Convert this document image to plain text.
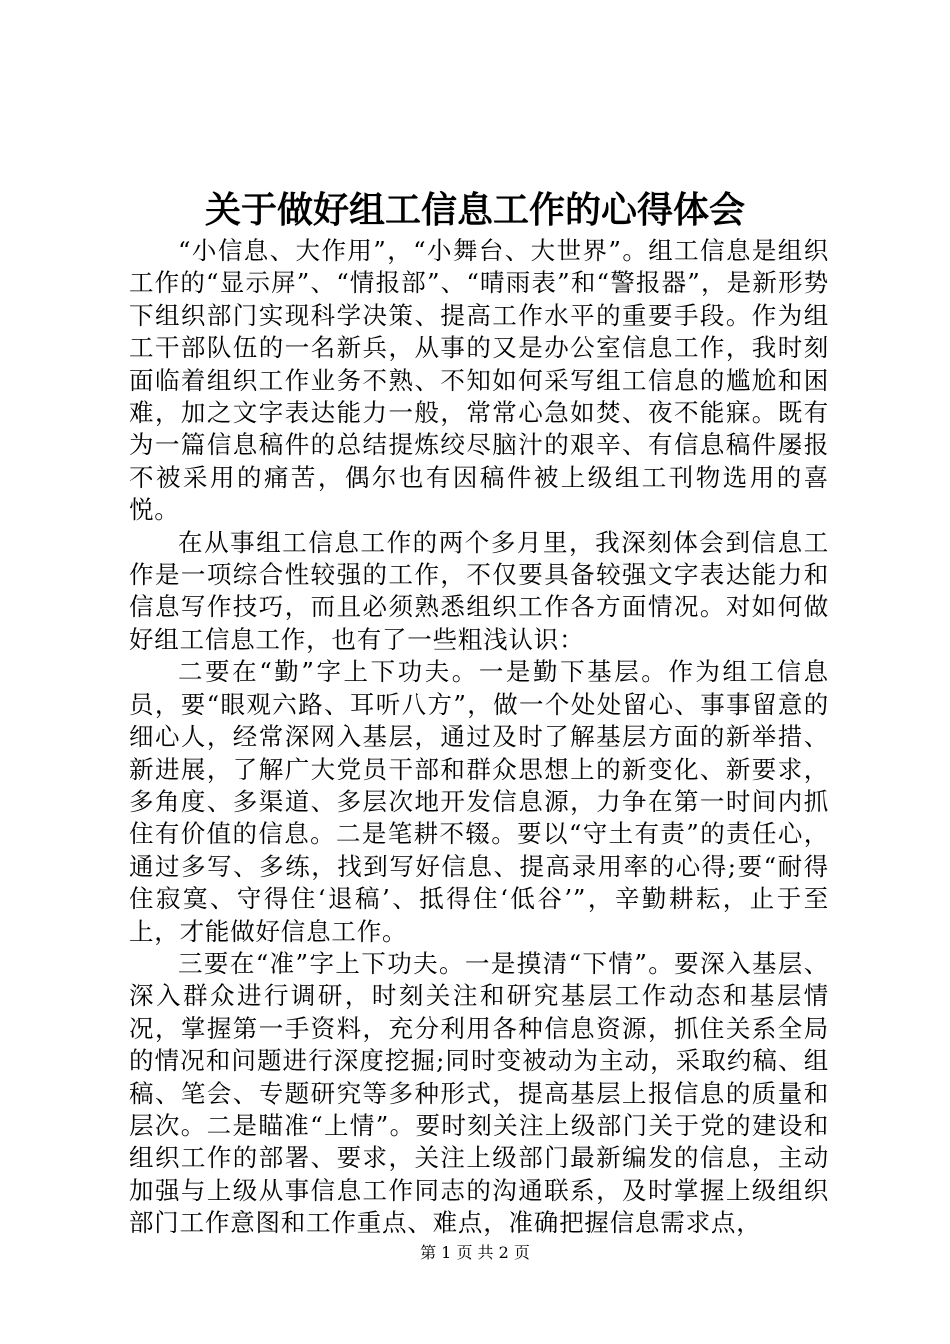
关于做好组工信息工作的心得体会

“小信息、大作用”，“小舞台、大世界”。组工信息是组织工作的“显示屏”、“情报部”、“晴雨表”和“警报器”，是新形势下组织部门实现科学决策、提高工作水平的重要手段。作为组工干部队伍的一名新兵，从事的又是办公室信息工作，我时刻面临着组织工作业务不熟、不知如何采写组工信息的尴尬和困难，加之文字表达能力一般，常常心急如焚、夜不能寐。既有为一篇信息稿件的总结提炼绞尽脑汁的艰辛、有信息稿件屡报不被采用的痛苦，偶尔也有因稿件被上级组工刊物选用的喜悦。

在从事组工信息工作的两个多月里，我深刻体会到信息工作是一项综合性较强的工作，不仅要具备较强文字表达能力和信息写作技巧，而且必须熟悉组织工作各方面情况。对如何做好组工信息工作，也有了一些粗浅认识：

二要在“勤”字上下功夫。一是勤下基层。作为组工信息员，要“眼观六路、耳听八方”，做一个处处留心、事事留意的细心人，经常深网入基层，通过及时了解基层方面的新举措、新进展，了解广大党员干部和群众思想上的新变化、新要求，多角度、多渠道、多层次地开发信息源，力争在第一时间内抓住有价值的信息。二是笔耕不辍。要以“守土有责”的责任心，通过多写、多练，找到写好信息、提高录用率的心得;要“耐得住寂寞、守得住‘退稿’、抵得住‘低谷’”，辛勤耕耘，止于至上，才能做好信息工作。

三要在“准”字上下功夫。一是摸清“下情”。要深入基层、深入群众进行调研，时刻关注和研究基层工作动态和基层情况，掌握第一手资料，充分利用各种信息资源，抓住关系全局的情况和问题进行深度挖掘;同时变被动为主动，采取约稿、组稿、笔会、专题研究等多种形式，提高基层上报信息的质量和层次。二是瞄准“上情”。要时刻关注上级部门关于党的建设和组织工作的部署、要求，关注上级部门最新编发的信息，主动加强与上级从事信息工作同志的沟通联系，及时掌握上级组织部门工作意图和工作重点、难点，准确把握信息需求点，

第 1 页 共 2 页
